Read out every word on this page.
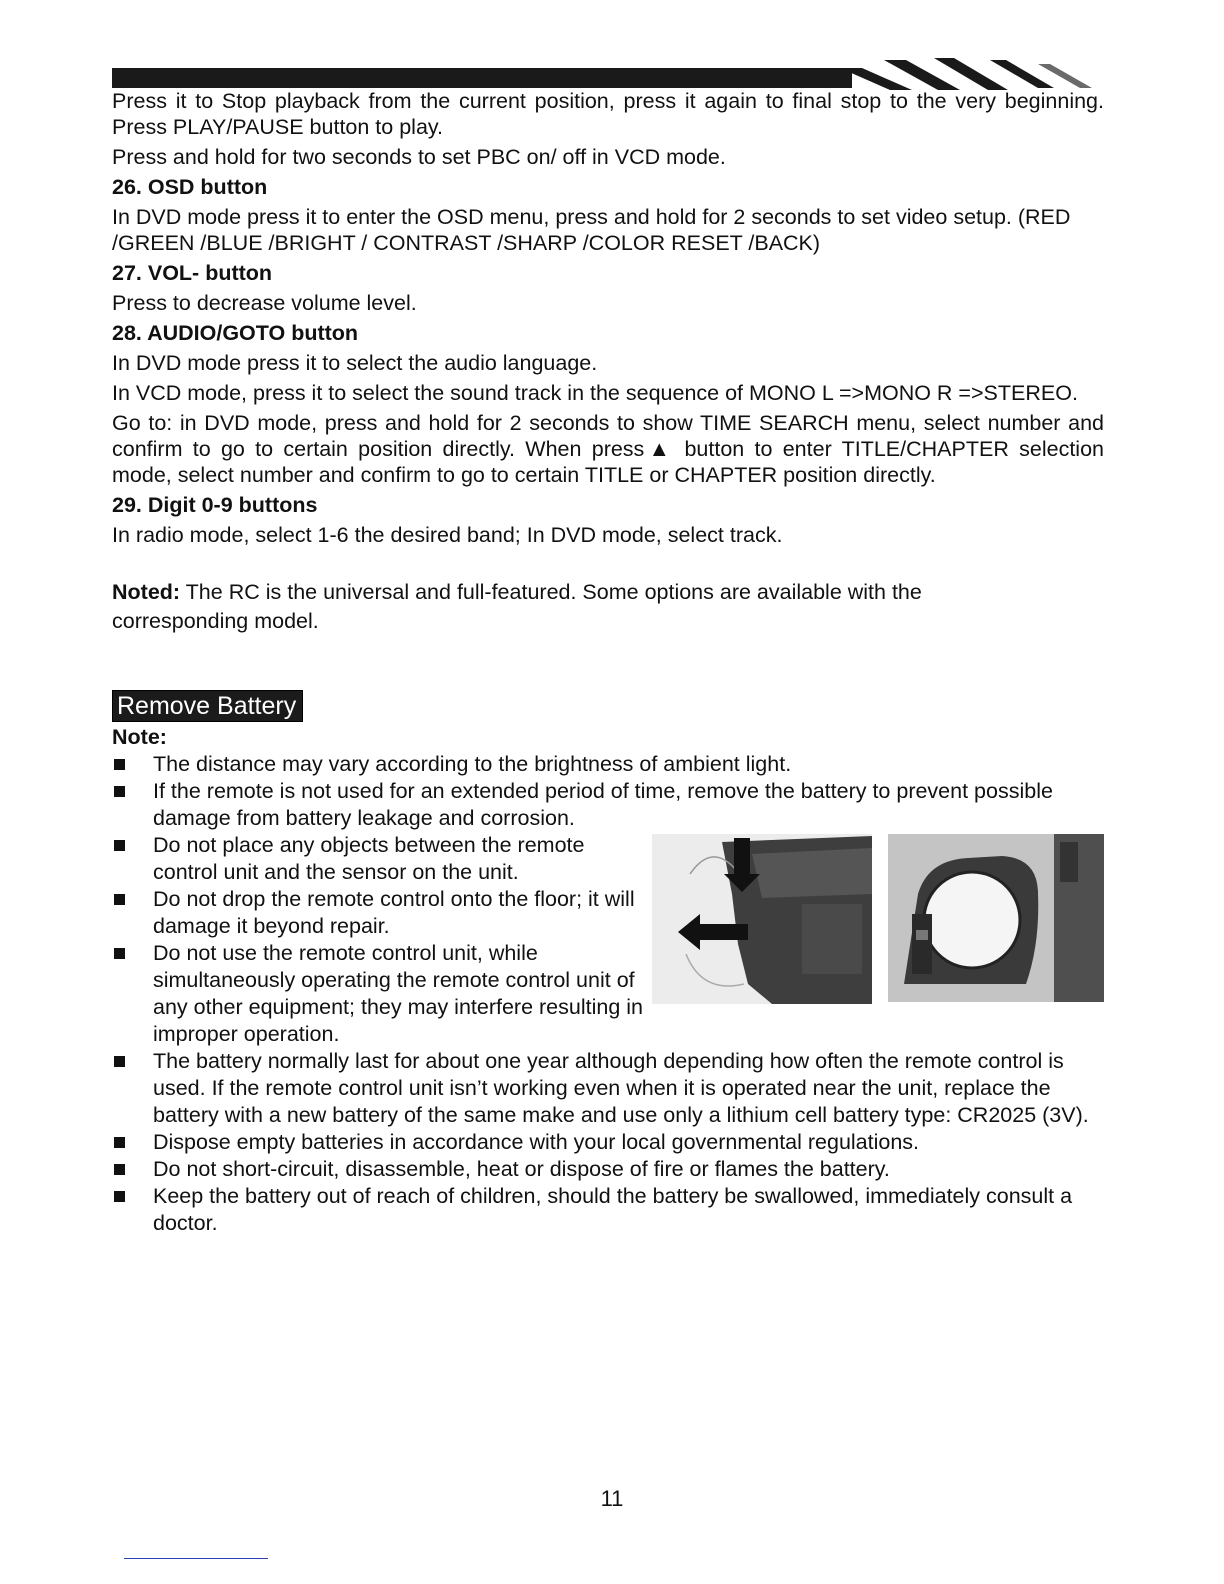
Press it to Stop playback from the current position, press it again to final stop to the very beginning. Press PLAY/PAUSE button to play.

Press and hold for two seconds to set PBC on/ off in VCD mode.

26. OSD button

In DVD mode press it to enter the OSD menu, press and hold for 2 seconds to set video setup. (RED /GREEN /BLUE /BRIGHT / CONTRAST /SHARP /COLOR RESET /BACK)

27. VOL- button

Press to decrease volume level.

28. AUDIO/GOTO button

In DVD mode press it to select the audio language.

In VCD mode, press it to select the sound track in the sequence of MONO L =>MONO R =>STEREO.

Go to: in DVD mode, press and hold for 2 seconds to show TIME SEARCH menu, select number and confirm to go to certain position directly. When press▲ button to enter TITLE/CHAPTER selection mode, select number and confirm to go to certain TITLE or CHAPTER position directly.

29. Digit 0-9 buttons

In radio mode, select 1-6 the desired band; In DVD mode, select track.

Noted: The RC is the universal and full-featured. Some options are available with the

corresponding model.

Remove Battery

Note:

The distance may vary according to the brightness of ambient light.
If the remote is not used for an extended period of time, remove the battery to prevent possible damage from battery leakage and corrosion.
Do not place any objects between the remote control unit and the sensor on the unit.
Do not drop the remote control onto the floor; it will damage it beyond repair.
Do not use the remote control unit, while simultaneously operating the remote control unit of any other equipment; they may interfere resulting in improper operation.
The battery normally last for about one year although depending how often the remote control is used. If the remote control unit isn’t working even when it is operated near the unit, replace the battery with a new battery of the same make and use only a lithium cell battery type: CR2025 (3V).
Dispose empty batteries in accordance with your local governmental regulations.
Do not short-circuit, disassemble, heat or dispose of fire or flames the battery.
Keep the battery out of reach of children, should the battery be swallowed, immediately consult a doctor.
11
